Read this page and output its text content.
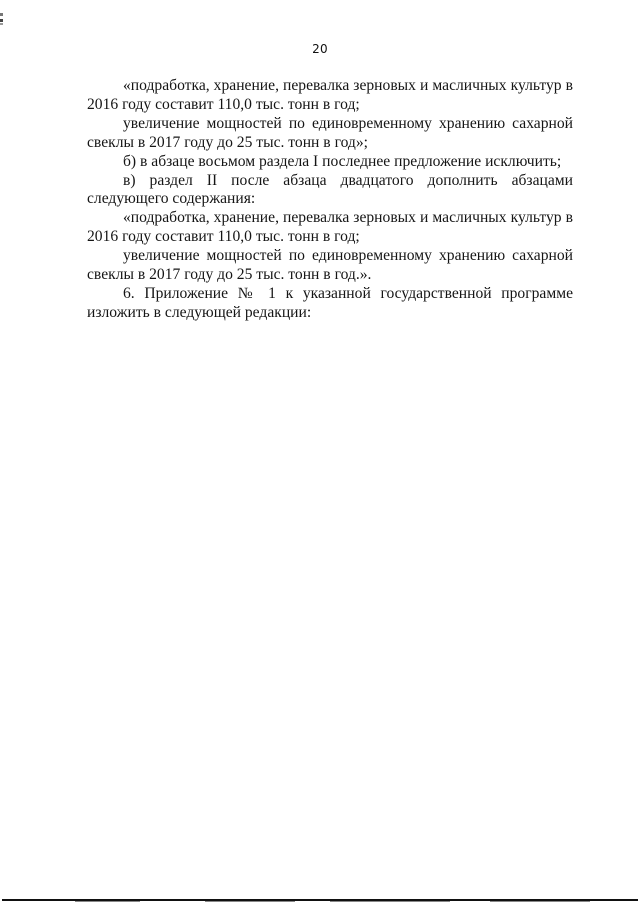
20

«подработка, хранение, перевалка зерновых и масличных культур в 2016 году составит 110,0 тыс. тонн в год;

увеличение мощностей по единовременному хранению сахарной свеклы в 2017 году до 25 тыс. тонн в год»;

б) в абзаце восьмом раздела I последнее предложение исключить;

в) раздел II после абзаца двадцатого дополнить абзацами следующего содержания:

«подработка, хранение, перевалка зерновых и масличных культур в 2016 году составит 110,0 тыс. тонн в год;

увеличение мощностей по единовременному хранению сахарной свеклы в 2017 году до 25 тыс. тонн в год.».

6. Приложение № 1 к указанной государственной программе изложить в следующей редакции:
